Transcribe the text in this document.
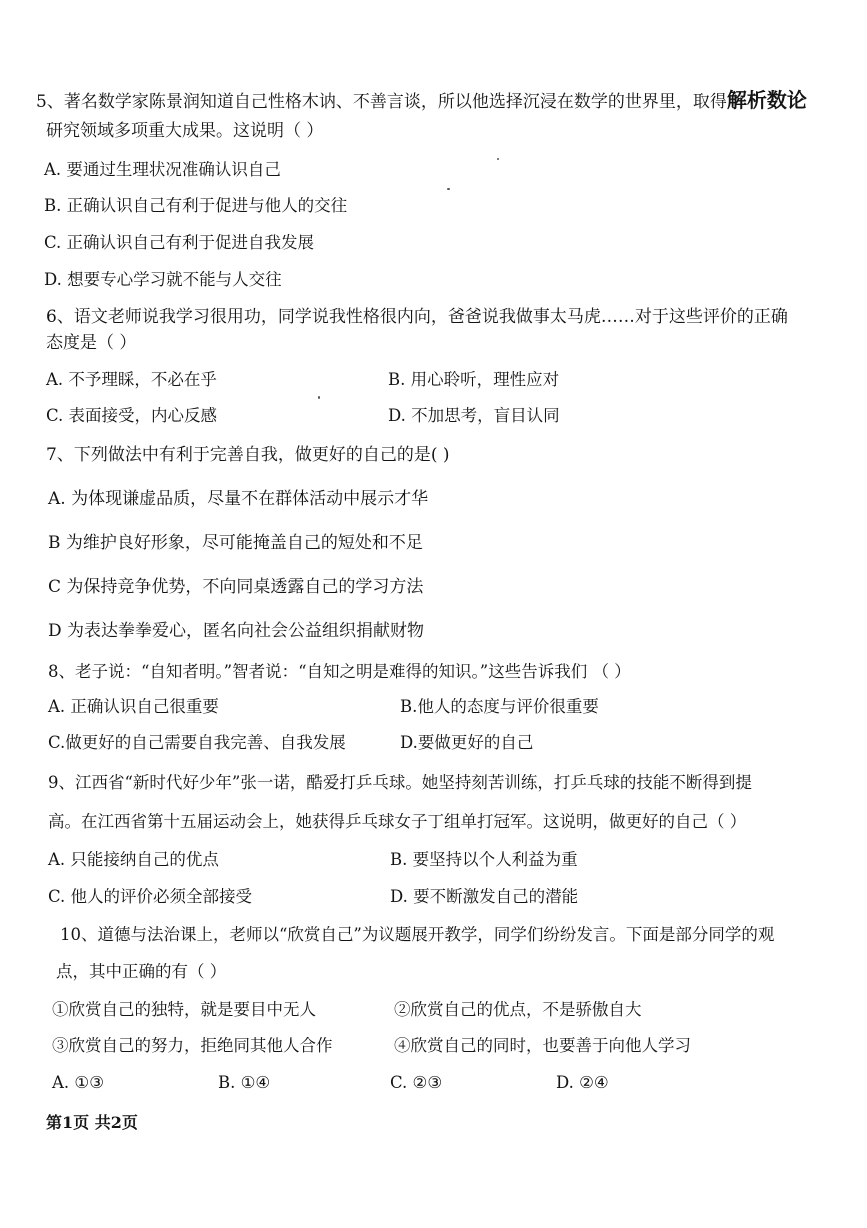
5、著名数学家陈景润知道自己性格木讷、不善言谈，所以他选择沉浸在数学的世界里，取得解析数论
研究领域多项重大成果。这说明（ ）
A. 要通过生理状况准确认识自己
B. 正确认识自己有利于促进与他人的交往
C. 正确认识自己有利于促进自我发展
D. 想要专心学习就不能与人交往
6、语文老师说我学习很用功，同学说我性格很内向，爸爸说我做事太马虎……对于这些评价的正确
态度是（ ）
A. 不予理睬，不必在乎	B. 用心聆听，理性应对
C. 表面接受，内心反感	D. 不加思考，盲目认同
7、下列做法中有利于完善自我，做更好的自己的是( )
A. 为体现谦虚品质，尽量不在群体活动中展示才华
B 为维护良好形象，尽可能掩盖自己的短处和不足
C 为保持竞争优势，不向同桌透露自己的学习方法
D 为表达拳拳爱心，匿名向社会公益组织捐献财物
8、老子说：“自知者明。”智者说：“自知之明是难得的知识。”这些告诉我们 （ ）
A. 正确认识自己很重要	B.他人的态度与评价很重要
C.做更好的自己需要自我完善、自我发展	D.要做更好的自己
9、江西省“新时代好少年”张一诺，酷爱打乒乓球。她坚持刻苦训练，打乒乓球的技能不断得到提
高。在江西省第十五届运动会上，她获得乒乓球女子丁组单打冠军。这说明，做更好的自己（ ）
A. 只能接纳自己的优点	B. 要坚持以个人利益为重
C. 他人的评价必须全部接受	D. 要不断激发自己的潜能
10、道德与法治课上，老师以“欣赏自己”为议题展开教学，同学们纷纷发言。下面是部分同学的观
点，其中正确的有（ ）
①欣赏自己的独特，就是要目中无人	②欣赏自己的优点，不是骄傲自大
③欣赏自己的努力，拒绝同其他人合作	④欣赏自己的同时，也要善于向他人学习
A. ①③	B. ①④	C. ②③	D. ②④
第1页 共2页
